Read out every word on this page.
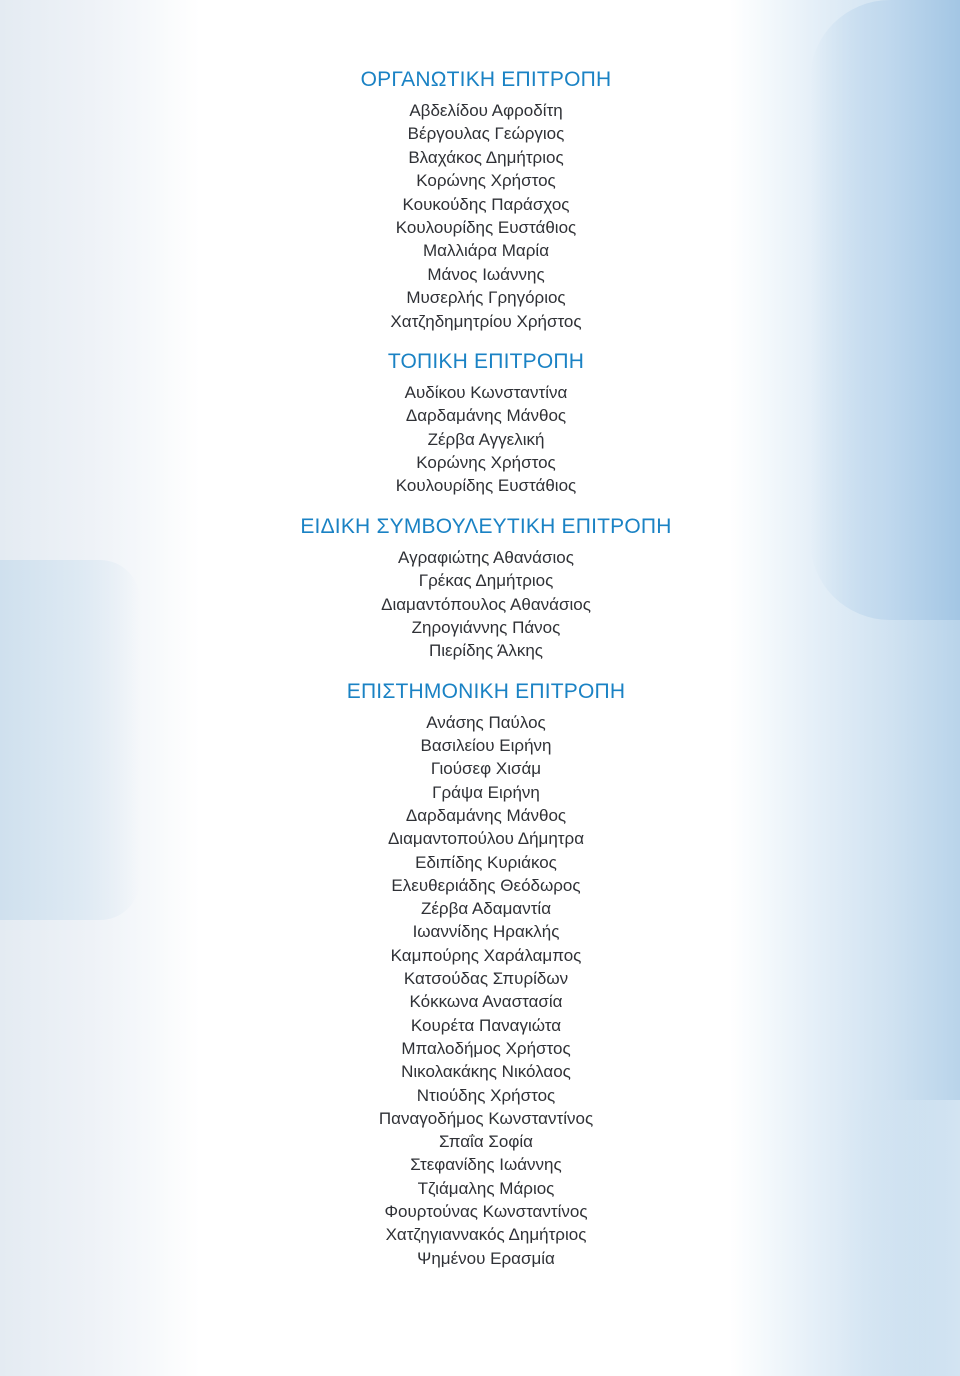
ΟΡΓΑΝΩΤΙΚΗ ΕΠΙΤΡΟΠΗ
Αβδελίδου Αφροδίτη
Βέργουλας Γεώργιος
Βλαχάκος Δημήτριος
Κορώνης Χρήστος
Κουκούδης Παράσχος
Κουλουρίδης Ευστάθιος
Μαλλιάρα Μαρία
Μάνος Ιωάννης
Μυσερλής Γρηγόριος
Χατζηδημητρίου Χρήστος
ΤΟΠΙΚΗ ΕΠΙΤΡΟΠΗ
Αυδίκου Κωνσταντίνα
Δαρδαμάνης Μάνθος
Ζέρβα Αγγελική
Κορώνης Χρήστος
Κουλουρίδης Ευστάθιος
ΕΙΔΙΚΗ ΣΥΜΒΟΥΛΕΥΤΙΚΗ ΕΠΙΤΡΟΠΗ
Αγραφιώτης Αθανάσιος
Γρέκας Δημήτριος
Διαμαντόπουλος Αθανάσιος
Ζηρογιάννης Πάνος
Πιερίδης Άλκης
ΕΠΙΣΤΗΜΟΝΙΚΗ ΕΠΙΤΡΟΠΗ
Ανάσης Παύλος
Βασιλείου Ειρήνη
Γιούσεφ Χισάμ
Γράψα Ειρήνη
Δαρδαμάνης Μάνθος
Διαμαντοπούλου Δήμητρα
Εδιπίδης Κυριάκος
Ελευθεριάδης Θεόδωρος
Ζέρβα Αδαμαντία
Ιωαννίδης Ηρακλής
Καμπούρης Χαράλαμπος
Κατσούδας Σπυρίδων
Κόκκωνα Αναστασία
Κουρέτα Παναγιώτα
Μπαλοδήμος Χρήστος
Νικολακάκης Νικόλαος
Ντιούδης Χρήστος
Παναγοδήμος Κωνσταντίνος
Σπαΐα Σοφία
Στεφανίδης Ιωάννης
Τζιάμαλης Μάριος
Φουρτούνας Κωνσταντίνος
Χατζηγιαννακός Δημήτριος
Ψημένου Ερασμία
